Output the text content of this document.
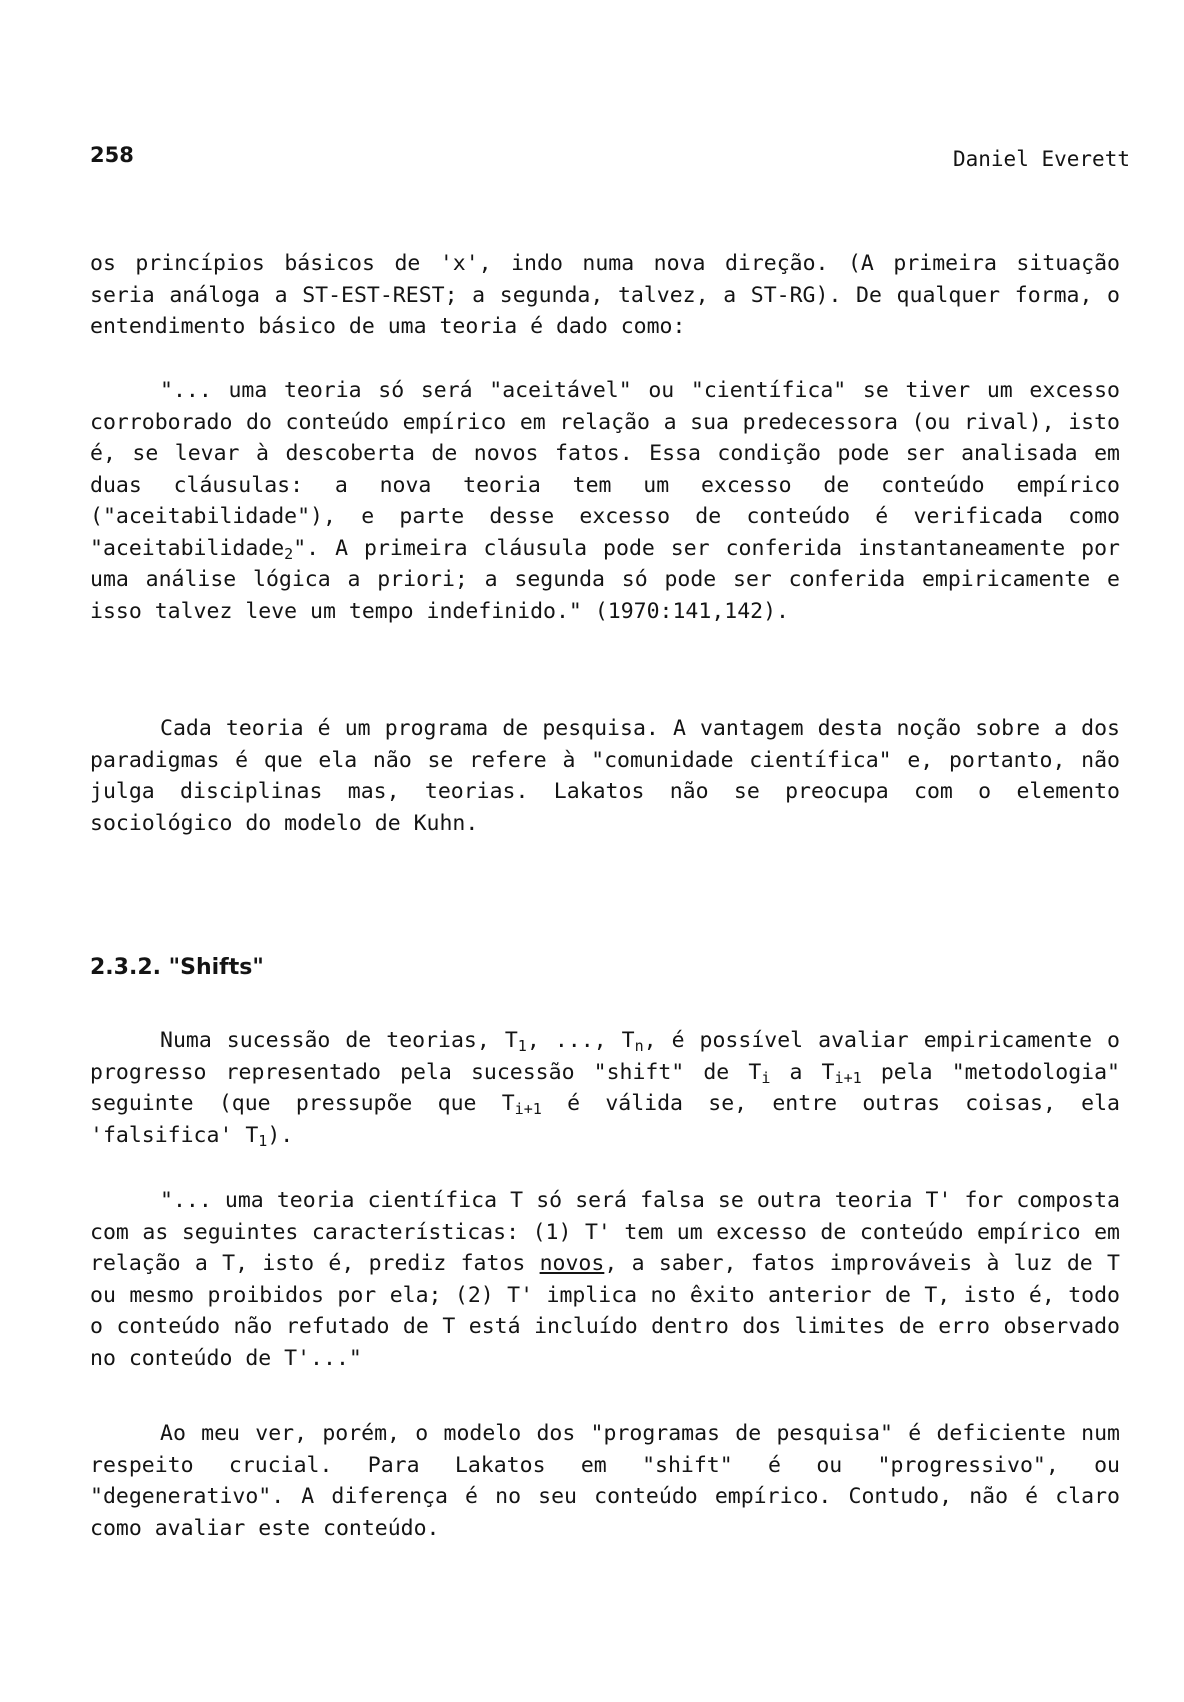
258	Daniel Everett

os princípios básicos de 'x', indo numa nova direção. (A primeira situação seria análoga a ST-EST-REST; a segunda, talvez, a ST-RG). De qualquer forma, o entendimento básico de uma teoria é dado como:

"... uma teoria só será "aceitável" ou "científica" se tiver um excesso corroborado do conteúdo empírico em relação a sua predecessora (ou rival), isto é, se levar à descoberta de novos fatos. Essa condição pode ser analisada em duas cláusulas: a nova teoria tem um excesso de conteúdo empírico ("aceitabilidade"), e parte desse excesso de conteúdo é verificada como "aceitabilidade$_2$". A primeira cláusula pode ser conferida instantaneamente por uma análise lógica a priori; a segunda só pode ser conferida empiricamente e isso talvez leve um tempo indefinido." (1970:141,142).

Cada teoria é um programa de pesquisa. A vantagem desta noção sobre a dos paradigmas é que ela não se refere à "comunidade científica" e, portanto, não julga disciplinas mas, teorias. Lakatos não se preocupa com o elemento sociológico do modelo de Kuhn.

2.3.2. "Shifts"

Numa sucessão de teorias, $T_1$, ..., $T_n$, é possível avaliar empiricamente o progresso representado pela sucessão "shift" de $T_i$ a $T_{i+1}$ pela "metodologia" seguinte (que pressupõe que $T_{i+1}$ é válida se, entre outras coisas, ela 'falsifica' $T_1$).

"... uma teoria científica T só será falsa se outra teoria T' for composta com as seguintes características: (1) T' tem um excesso de conteúdo empírico em relação a T, isto é, prediz fatos novos, a saber, fatos improváveis à luz de T ou mesmo proibidos por ela; (2) T' implica no êxito anterior de T, isto é, todo o conteúdo não refutado de T está incluído dentro dos limites de erro observado no conteúdo de T'..."

Ao meu ver, porém, o modelo dos "programas de pesquisa" é deficiente num respeito crucial. Para Lakatos em "shift" é ou "progressivo", ou "degenerativo". A diferença é no seu conteúdo empírico. Contudo, não é claro como avaliar este conteúdo.
